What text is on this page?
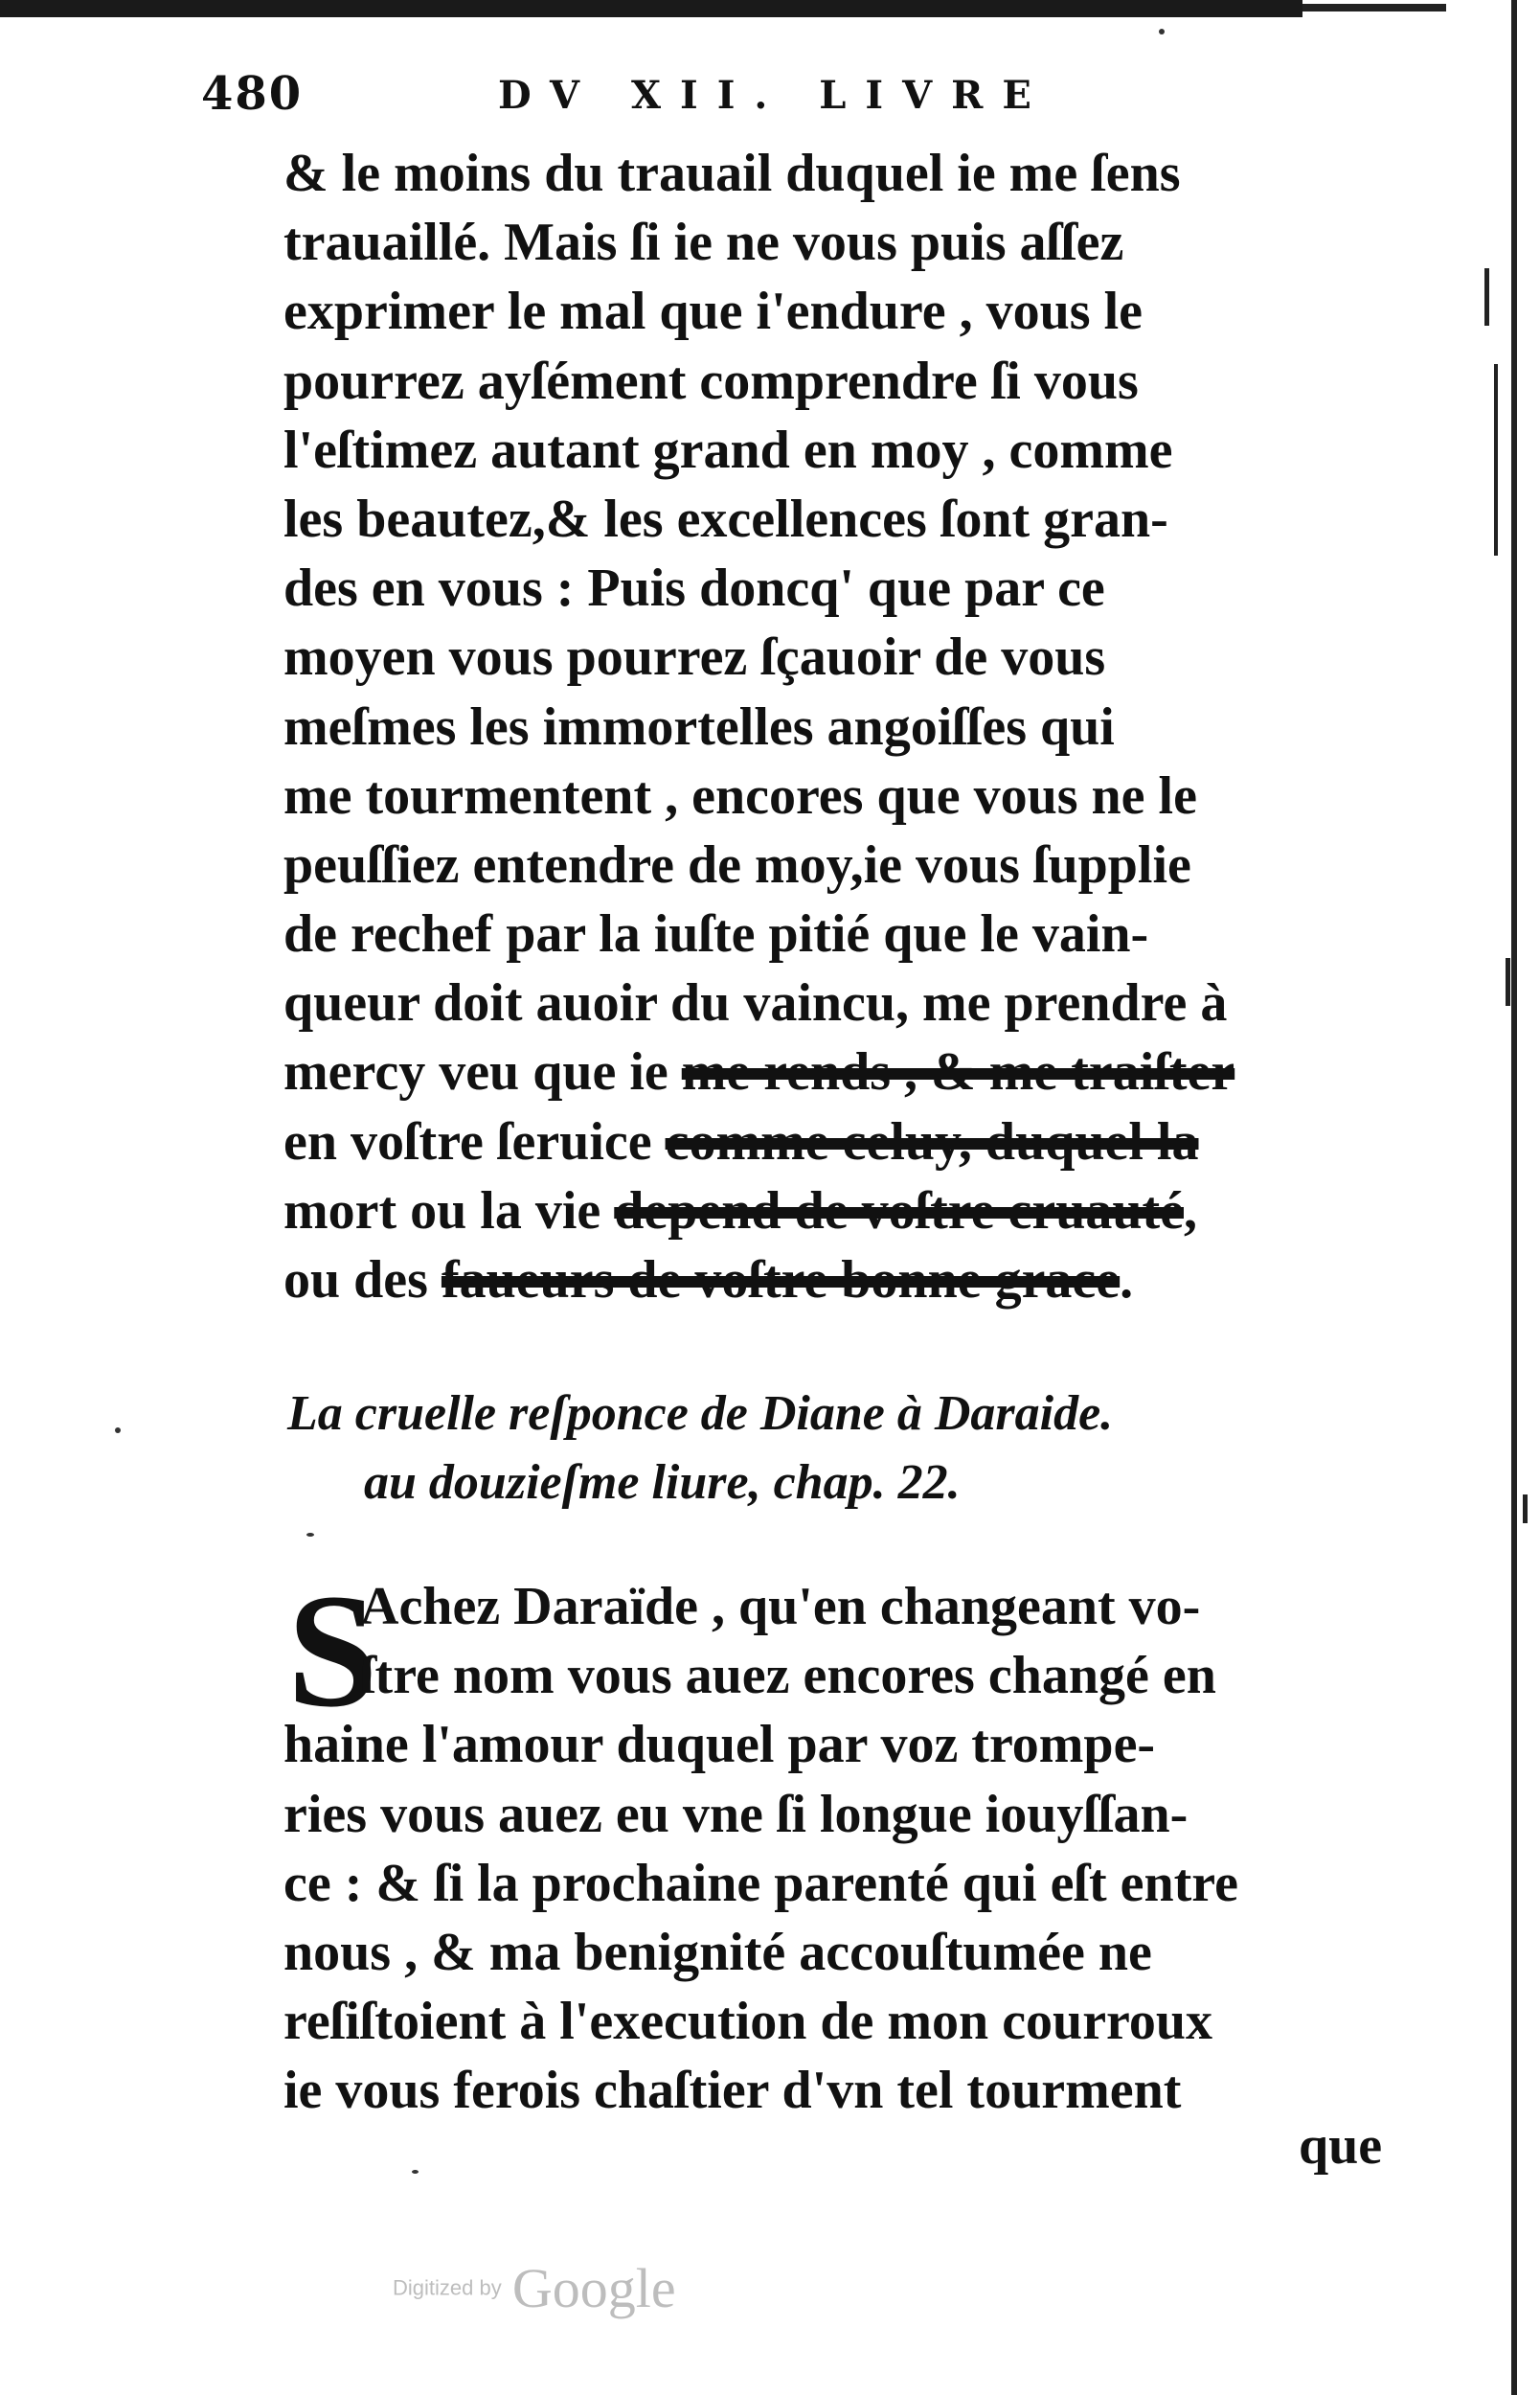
480	DV XII. LIVRE
& le moins du trauail duquel ie me ſens
trauaillé. Mais ſi ie ne vous puis aſſez
exprimer le mal que i'endure , vous le
pourrez ayſément comprendre ſi vous
l'eſtimez autant grand en moy , comme
les beautez,& les excellences ſont gran-
des en vous : Puis doncq' que par ce
moyen vous pourrez ſçauoir de vous
meſmes les immortelles angoiſſes qui
me tourmentent , encores que vous ne le
peuſſiez entendre de moy,ie vous ſupplie
de rechef par la iuſte pitié que le vain-
queur doit auoir du vaincu, me prendre à
mercy veu que ie me rends , & me traiſter
en voſtre ſeruice comme celuy, duquel la
mort ou la vie depend de voſtre cruauté,
ou des faueurs de voſtre bonne grace.
La cruelle reſponce de Diane à Daraide.
au douzieſme liure, chap. 22.
S
Achez Daraïde , qu'en changeant vo-
ſtre nom vous auez encores changé en
haine l'amour duquel par voz trompe-
ries vous auez eu vne ſi longue iouyſſan-
ce : & ſi la prochaine parenté qui eſt entre
nous , & ma benignité accouſtumée ne
reſiſtoient à l'execution de mon courroux
ie vous ferois chaſtier d'vn tel tourment
que
Digitized by Google
